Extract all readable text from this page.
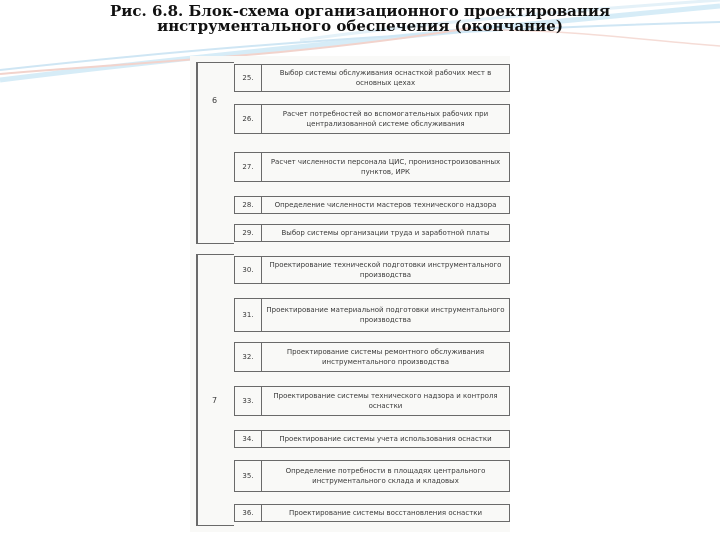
Рис. 6.8. Блок-схема организационного проектирования
инструментального обеспечения (окончание)
6
7
25.
Выбор системы обслуживания оснасткой рабочих мест в основных цехах
26.
Расчет потребностей во вспомогательных рабочих при централизованной системе обслуживания
27.
Расчет численности персонала ЦИС, пронизностроизованных пунктов, ИРК
28.	Определение численности мастеров технического надзора
29.	Выбор системы организации труда и заработной платы
30.
Проектирование технической подготовки инструментального производства
31.
Проектирование материальной подготовки инструментального производства
32.
Проектирование системы ремонтного обслуживания инструментального производства
33.
Проектирование системы технического надзора и контроля оснастки
34.	Проектирование системы учета использования оснастки
35.
Определение потребности в площадях центрального инструментального склада и кладовых
36.	Проектирование системы восстановления оснастки
